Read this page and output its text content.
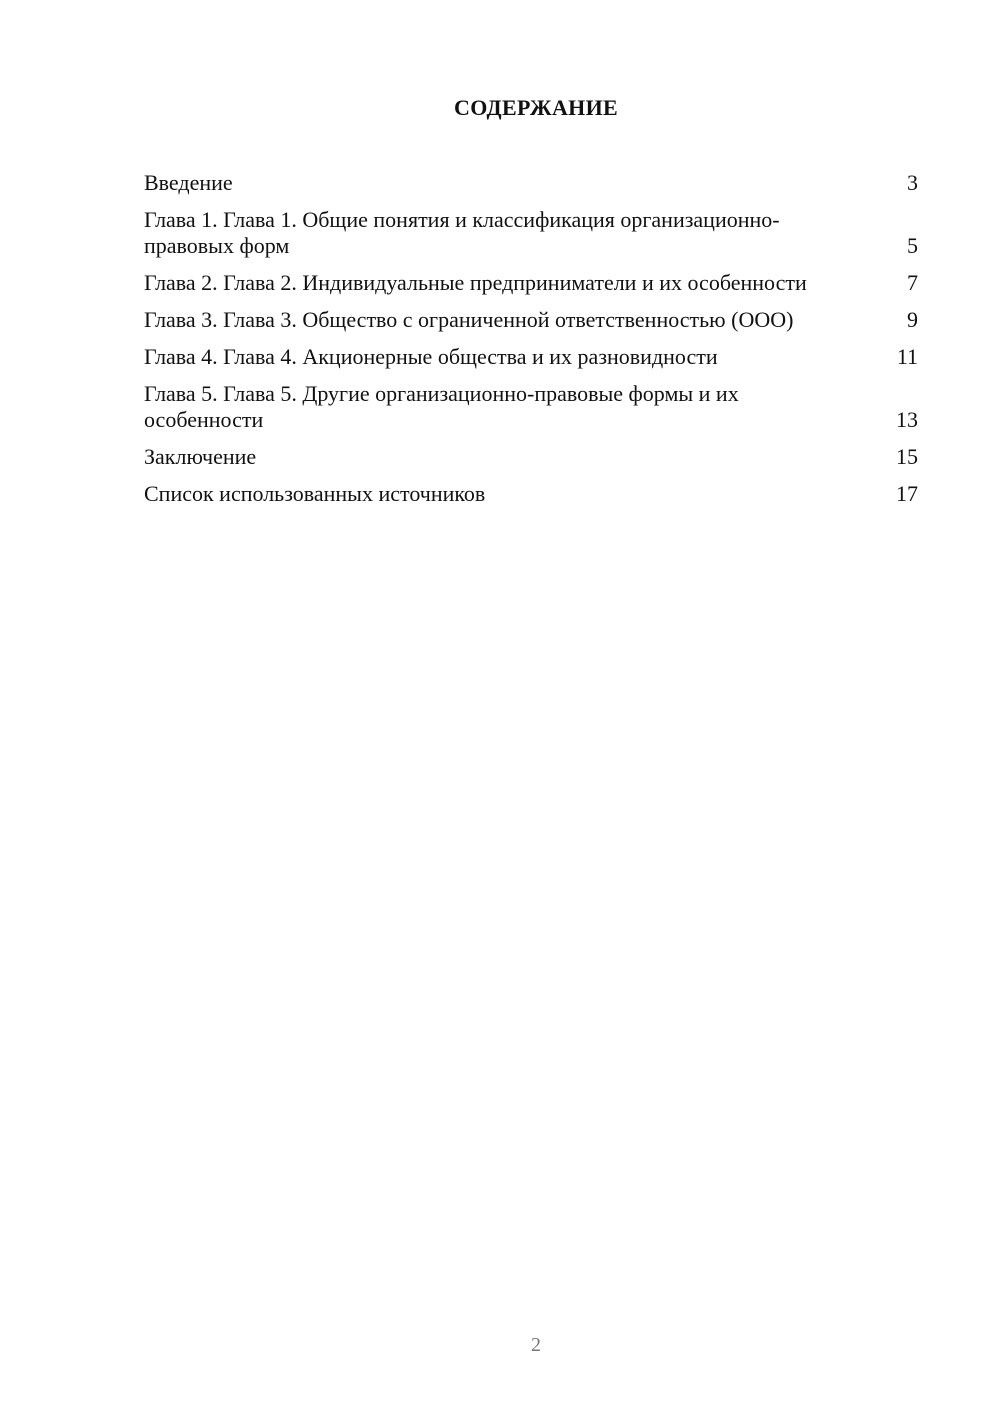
СОДЕРЖАНИЕ
Введение	3
Глава 1. Глава 1. Общие понятия и классификация организационно-правовых форм	5
Глава 2. Глава 2. Индивидуальные предприниматели и их особенности	7
Глава 3. Глава 3. Общество с ограниченной ответственностью (ООО)	9
Глава 4. Глава 4. Акционерные общества и их разновидности	11
Глава 5. Глава 5. Другие организационно-правовые формы и их особенности	13
Заключение	15
Список использованных источников	17
2
